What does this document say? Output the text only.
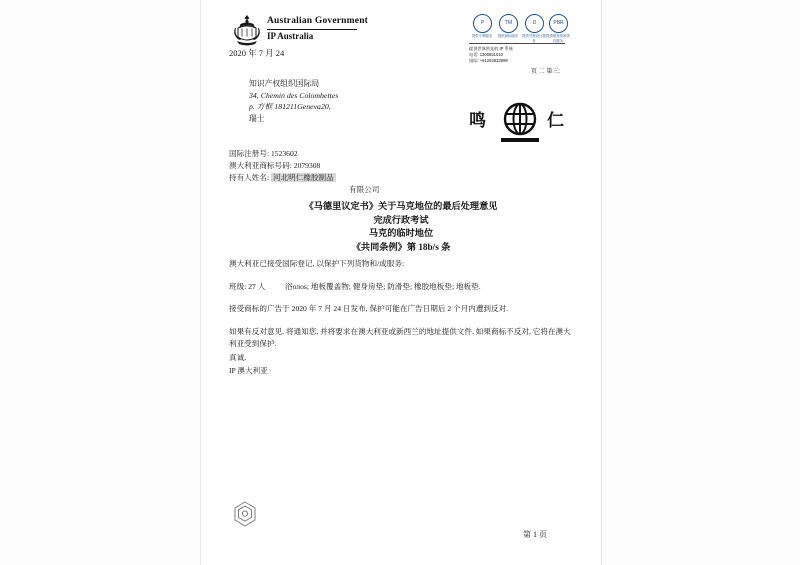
Australian Government
IP Australia
P
提供专利服务
TM
提供商标服务
D
提供外观设计服务
PBR
提供植物育种者权服务
提供世界领先的 IP 系统
电话: 1300651010
国际: +61262832999
页 二 第三:
2020 年 7 月 24
知识产权组织国际局
34, Chemin des Colombettes
p. 方框 181211Geneva20,
瑞士	鸣	仁
国际注册号: 1523602
澳大利亚商标号码: 2079308
持有人姓名: 河北明仁橡胶制品
有限公司
《马德里议定书》关于马克地位的最后处理意见
完成行政考试
马克的临时地位
《共同条例》第 18b/s 条

澳大利亚已接受国际登记, 以保护下列货物和/或服务:

班级: 27 人	浴олos; 地板覆盖物; 健身房垫; 防滑垫; 橡胶地板垫; 地板垫.

接受商标的广告于 2020 年 7 月 24 日发布, 保护可能在广告日期后 2 个月内遭到反对.

如果有反对意见, 将通知您, 并将要求在澳大利亚或新西兰的地址提供文件. 如果商标不反对, 它将在澳大利亚受到保护.

真诚,
IP 澳大利亚
第 1 页
